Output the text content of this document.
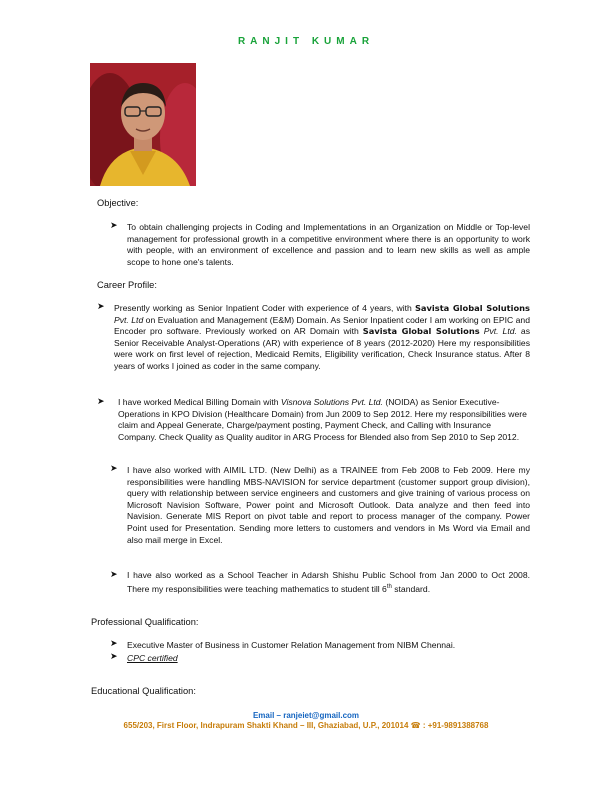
RANJIT KUMAR
Objective:
➤ To obtain challenging projects in Coding and Implementations in an Organization on Middle or Top-level management for professional growth in a competitive environment where there is an opportunity to work with people, with an environment of excellence and passion and to learn new skills as well as ample scope to hone one's talents.
Career Profile:
➤ Presently working as Senior Inpatient Coder with experience of 4 years, with Savista Global Solutions Pvt. Ltd on Evaluation and Management (E&M) Domain. As Senior Inpatient coder I am working on EPIC and Encoder pro software. Previously worked on AR Domain with Savista Global Solutions Pvt. Ltd. as Senior Receivable Analyst-Operations (AR) with experience of 8 years (2012-2020) Here my responsibilities were work on first level of rejection, Medicaid Remits, Eligibility verification, Check Insurance status. After 8 years of works I joined as coder in the same company.
➤ I have worked Medical Billing Domain with Visnova Solutions Pvt. Ltd. (NOIDA) as Senior Executive-Operations in KPO Division (Healthcare Domain) from Jun 2009 to Sep 2012. Here my responsibilities were claim and Appeal Generate, Charge/payment posting, Payment Check, and Calling with Insurance Company. Check Quality as Quality auditor in ARG Process for Blended also from Sep 2010 to Sep 2012.
➤ I have also worked with AIMIL LTD. (New Delhi) as a TRAINEE from Feb 2008 to Feb 2009. Here my responsibilities were handling MBS-NAVISION for service department (customer support group division), query with relationship between service engineers and customers and give training of various process on Microsoft Navision Software, Power point and Microsoft Outlook. Data analyze and then feed into Navision. Generate MIS Report on pivot table and report to process manager of the company. Power Point used for Presentation. Sending more letters to customers and vendors in Ms Word via Email and also mail merge in Excel.
➤ I have also worked as a School Teacher in Adarsh Shishu Public School from Jan 2000 to Oct 2008. There my responsibilities were teaching mathematics to student till 6th standard.
Professional Qualification:
➤ Executive Master of Business in Customer Relation Management from NIBM Chennai.
➤ CPC certified
Educational Qualification:
Email – ranjeiet@gmail.com
655/203, First Floor, Indrapuram Shakti Khand – III, Ghaziabad, U.P., 201014 ☎ : +91-9891388768
